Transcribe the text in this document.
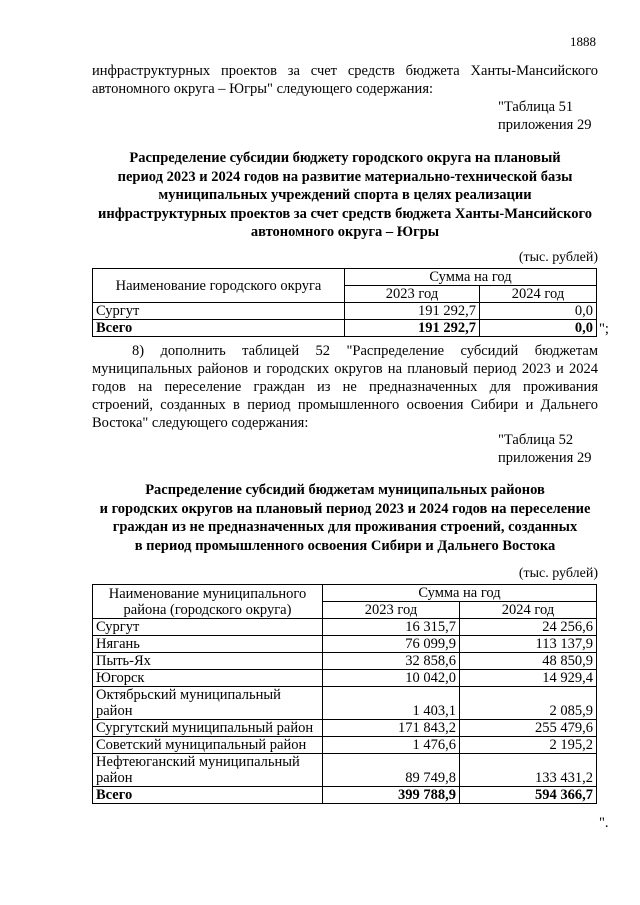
1888
инфраструктурных проектов за счет средств бюджета Ханты-Мансийского
автономного округа – Югры" следующего содержания:
"Таблица 51
приложения 29
Распределение субсидии бюджету городского округа на плановый
период 2023 и 2024 годов на развитие материально-технической базы
муниципальных учреждений спорта в целях реализации
инфраструктурных проектов за счет средств бюджета Ханты-Мансийского
автономного округа – Югры
(тыс. рублей)
Наименование городского округа	Сумма на год	
	2023 год	2024 год
Сургут	191 292,7	0,0
Всего	191 292,7	0,0 ";
8) дополнить таблицей 52 "Распределение субсидий бюджетам
муниципальных районов и городских округов на плановый период 2023 и 2024
годов на переселение граждан из не предназначенных для проживания
строений, созданных в период промышленного освоения Сибири и Дальнего
Востока" следующего содержания:
"Таблица 52
приложения 29
Распределение субсидий бюджетам муниципальных районов
и городских округов на плановый период 2023 и 2024 годов на переселение
граждан из не предназначенных для проживания строений, созданных
в период промышленного освоения Сибири и Дальнего Востока
(тыс. рублей)
Наименование муниципального района (городского округа)	Сумма на год	
	2023 год	2024 год
Сургут	16 315,7	24 256,6
Нягань	76 099,9	113 137,9
Пыть-Ях	32 858,6	48 850,9
Югорск	10 042,0	14 929,4
Октябрьский муниципальный район	1 403,1	2 085,9
Сургутский муниципальный район	171 843,2	255 479,6
Советский муниципальный район	1 476,6	2 195,2
Нефтеюганский муниципальный район	89 749,8	133 431,2
Всего	399 788,9	594 366,7
".
